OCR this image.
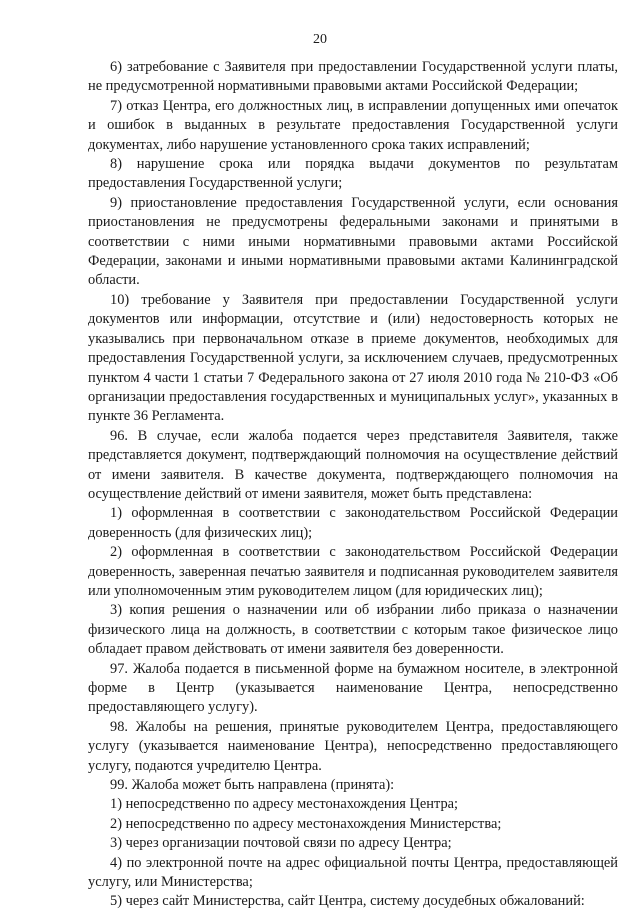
20

6) затребование с Заявителя при предоставлении Государственной услуги платы, не предусмотренной нормативными правовыми актами Российской Федерации;

7) отказ Центра, его должностных лиц, в исправлении допущенных ими опечаток и ошибок в выданных в результате предоставления Государственной услуги документах, либо нарушение установленного срока таких исправлений;

8) нарушение срока или порядка выдачи документов по результатам предоставления Государственной услуги;

9) приостановление предоставления Государственной услуги, если основания приостановления не предусмотрены федеральными законами и принятыми в соответствии с ними иными нормативными правовыми актами Российской Федерации, законами и иными нормативными правовыми актами Калининградской области.

10) требование у Заявителя при предоставлении Государственной услуги документов или информации, отсутствие и (или) недостоверность которых не указывались при первоначальном отказе в приеме документов, необходимых для предоставления Государственной услуги, за исключением случаев, предусмотренных пунктом 4 части 1 статьи 7 Федерального закона от 27 июля 2010 года № 210-ФЗ «Об организации предоставления государственных и муниципальных услуг», указанных в пункте 36 Регламента.

96. В случае, если жалоба подается через представителя Заявителя, также представляется документ, подтверждающий полномочия на осуществление действий от имени заявителя. В качестве документа, подтверждающего полномочия на осуществление действий от имени заявителя, может быть представлена:

1) оформленная в соответствии с законодательством Российской Федерации доверенность (для физических лиц);

2) оформленная в соответствии с законодательством Российской Федерации доверенность, заверенная печатью заявителя и подписанная руководителем заявителя или уполномоченным этим руководителем лицом (для юридических лиц);

3) копия решения о назначении или об избрании либо приказа о назначении физического лица на должность, в соответствии с которым такое физическое лицо обладает правом действовать от имени заявителя без доверенности.

97. Жалоба подается в письменной форме на бумажном носителе, в электронной форме в Центр (указывается наименование Центра, непосредственно предоставляющего услугу).

98. Жалобы на решения, принятые руководителем Центра, предоставляющего услугу (указывается наименование Центра), непосредственно предоставляющего услугу, подаются учредителю Центра.

99. Жалоба может быть направлена (принята):

1) непосредственно по адресу местонахождения Центра;

2) непосредственно по адресу местонахождения Министерства;

3) через организации почтовой связи по адресу Центра;

4) по электронной почте на адрес официальной почты Центра, предоставляющей услугу, или Министерства;

5) через сайт Министерства, сайт Центра, систему досудебных обжалований:
